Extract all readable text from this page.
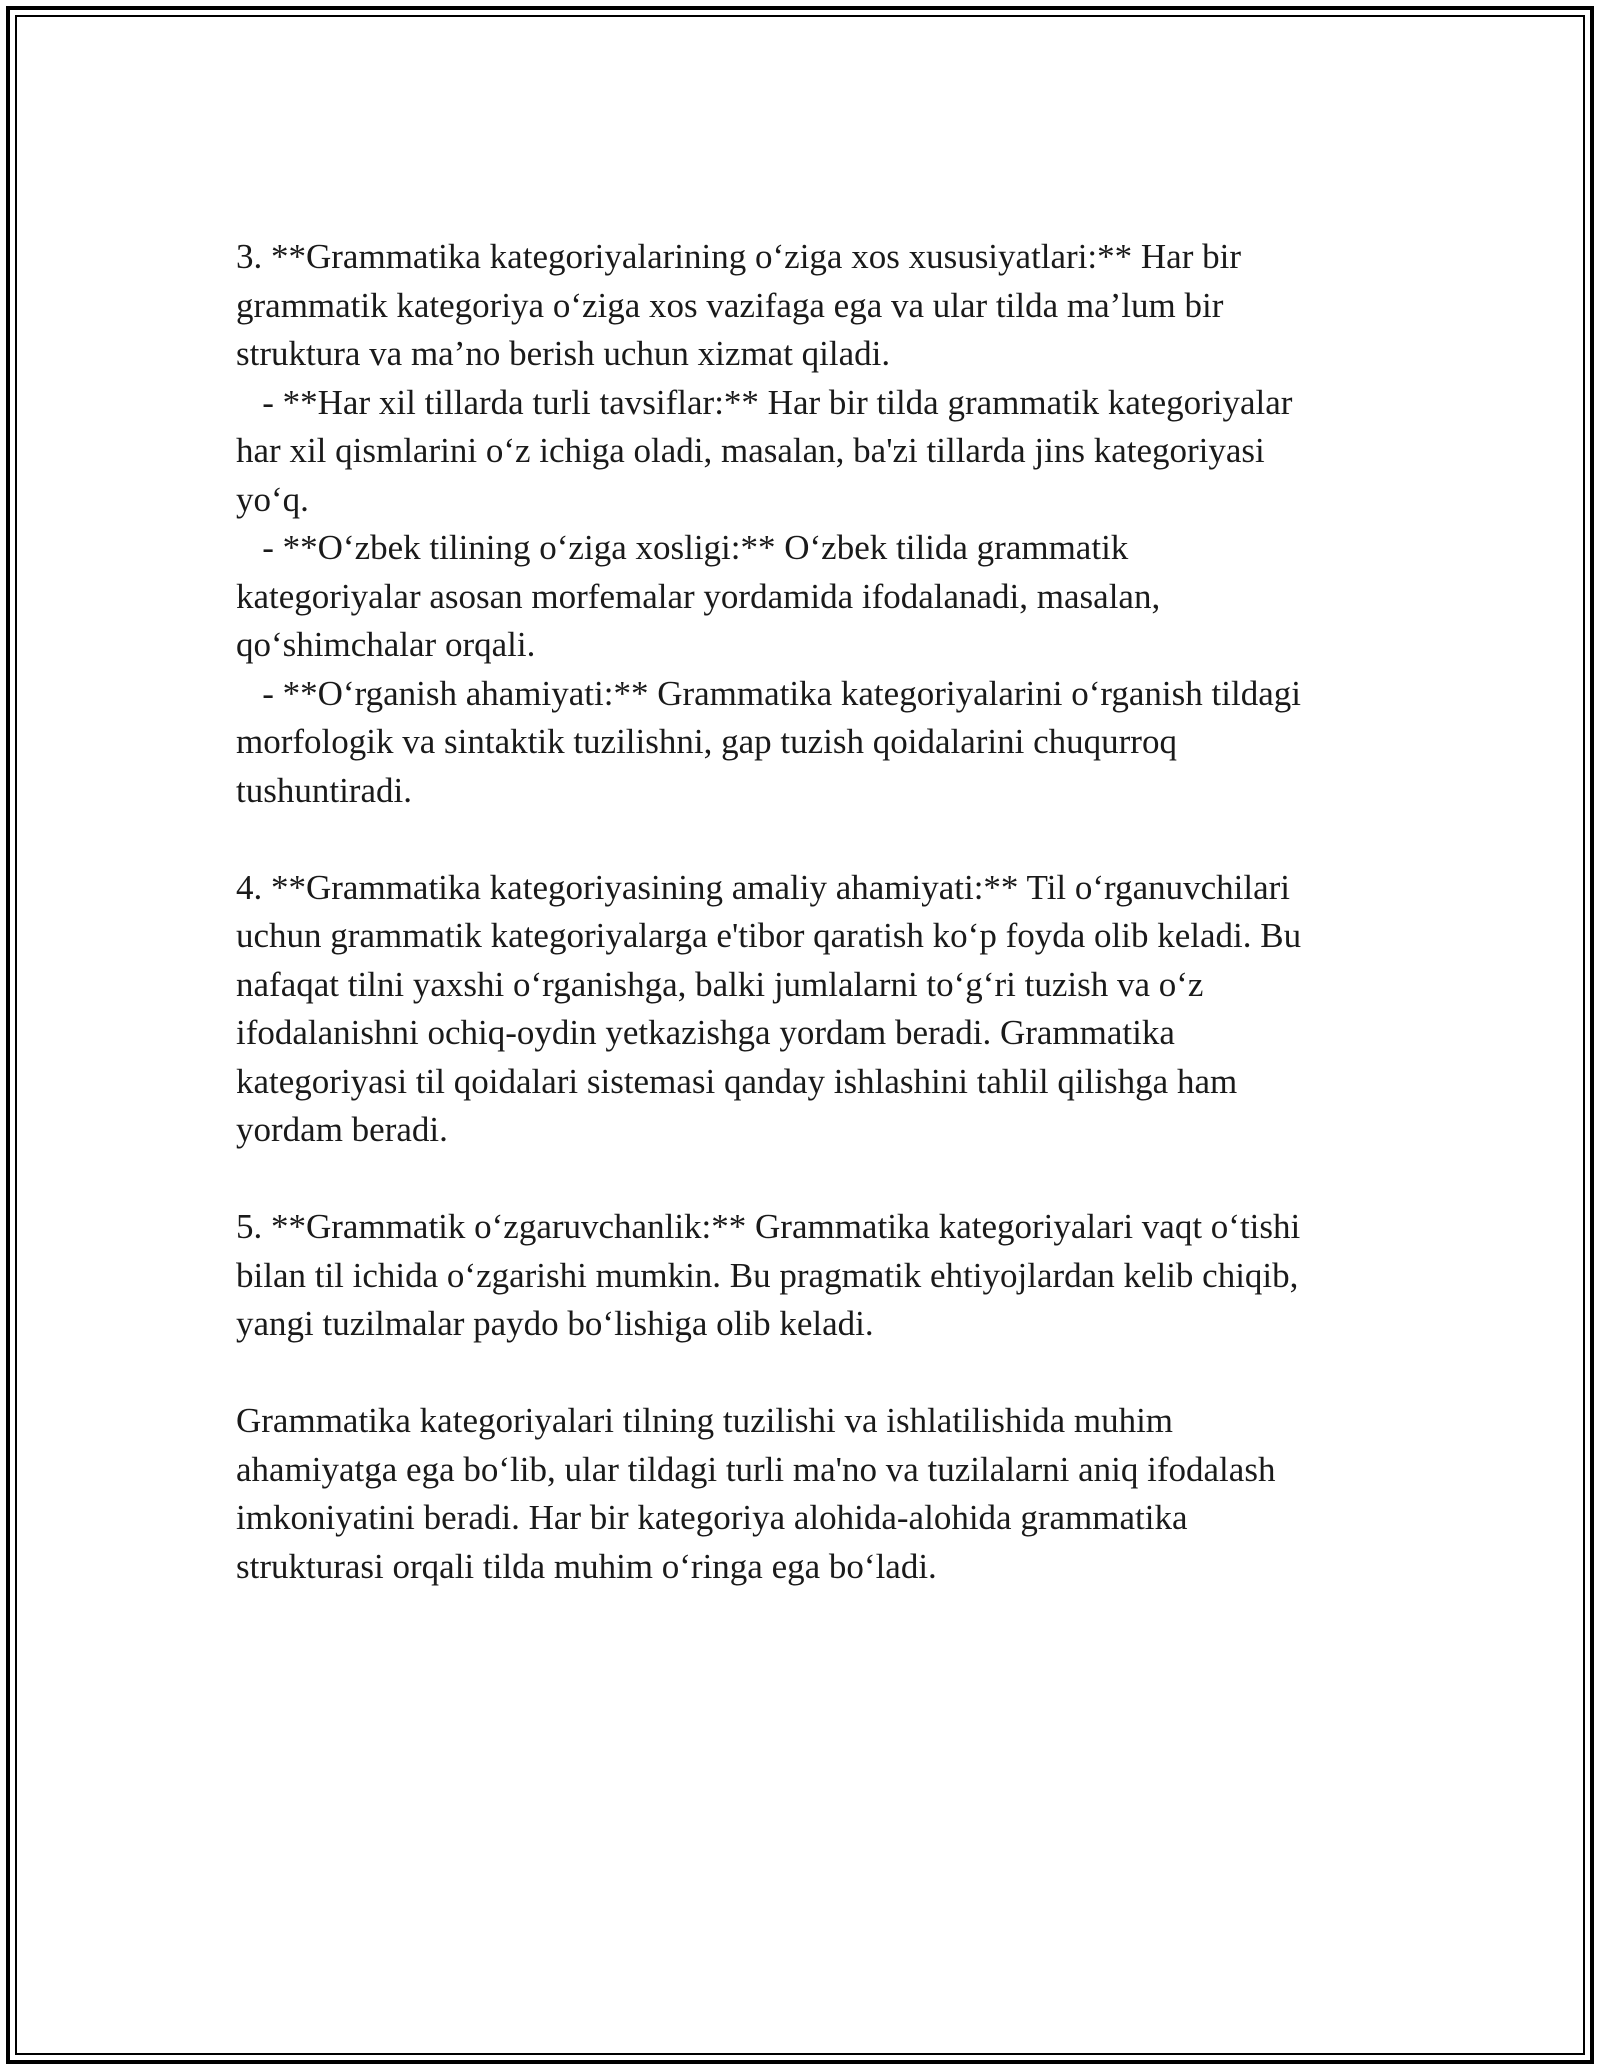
3. **Grammatika kategoriyalarining o‘ziga xos xususiyatlari:** Har bir
grammatik kategoriya o‘ziga xos vazifaga ega va ular tilda ma’lum bir
struktura va ma’no berish uchun xizmat qiladi.
- **Har xil tillarda turli tavsiflar:** Har bir tilda grammatik kategoriyalar
har xil qismlarini o‘z ichiga oladi, masalan, ba'zi tillarda jins kategoriyasi
yo‘q.
- **O‘zbek tilining o‘ziga xosligi:** O‘zbek tilida grammatik
kategoriyalar asosan morfemalar yordamida ifodalanadi, masalan,
qo‘shimchalar orqali.
- **O‘rganish ahamiyati:** Grammatika kategoriyalarini o‘rganish tildagi
morfologik va sintaktik tuzilishni, gap tuzish qoidalarini chuqurroq
tushuntiradi.
4. **Grammatika kategoriyasining amaliy ahamiyati:** Til o‘rganuvchilari
uchun grammatik kategoriyalarga e'tibor qaratish ko‘p foyda olib keladi. Bu
nafaqat tilni yaxshi o‘rganishga, balki jumlalarni to‘g‘ri tuzish va o‘z
ifodalanishni ochiq-oydin yetkazishga yordam beradi. Grammatika
kategoriyasi til qoidalari sistemasi qanday ishlashini tahlil qilishga ham
yordam beradi.
5. **Grammatik o‘zgaruvchanlik:** Grammatika kategoriyalari vaqt o‘tishi
bilan til ichida o‘zgarishi mumkin. Bu pragmatik ehtiyojlardan kelib chiqib,
yangi tuzilmalar paydo bo‘lishiga olib keladi.
Grammatika kategoriyalari tilning tuzilishi va ishlatilishida muhim
ahamiyatga ega bo‘lib, ular tildagi turli ma'no va tuzilalarni aniq ifodalash
imkoniyatini beradi. Har bir kategoriya alohida-alohida grammatika
strukturasi orqali tilda muhim o‘ringa ega bo‘ladi.
